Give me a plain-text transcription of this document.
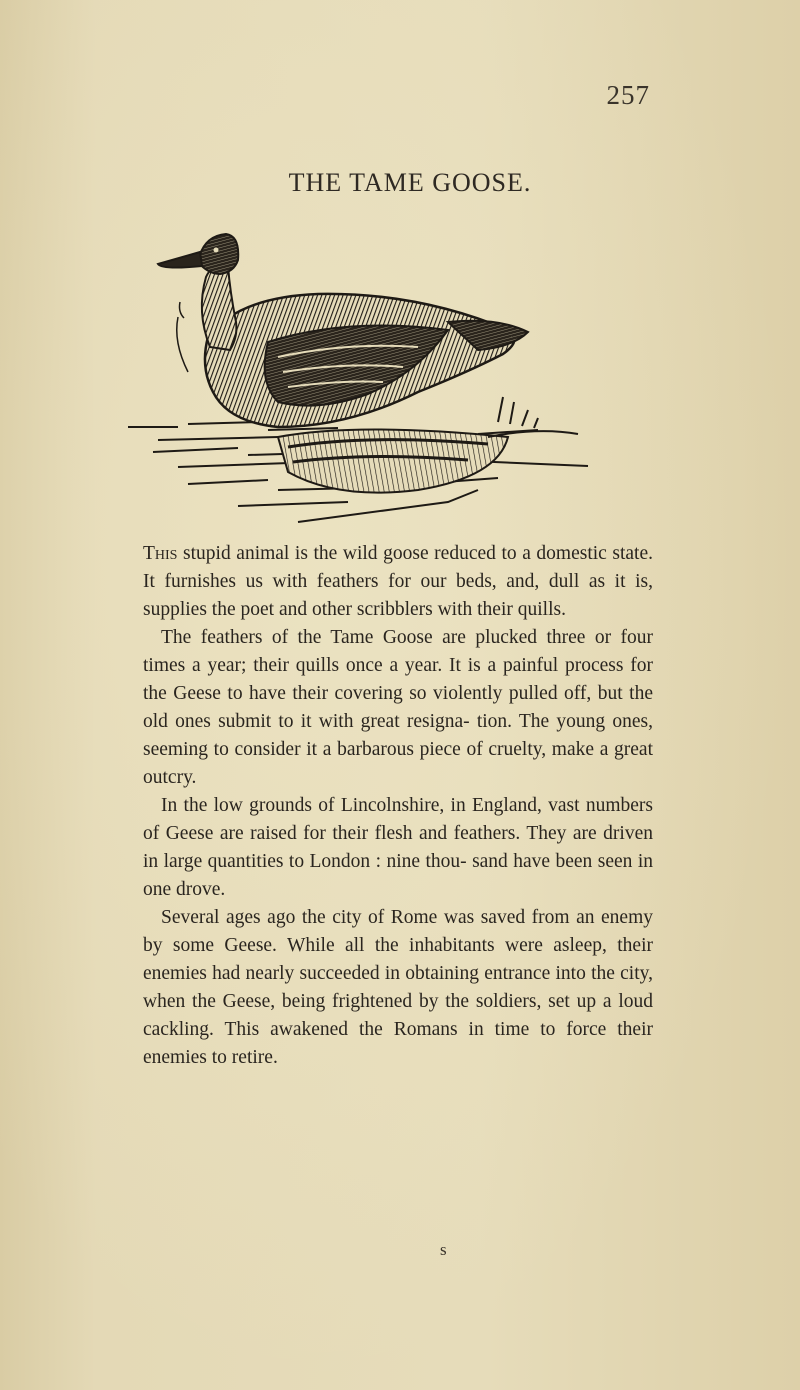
257
THE TAME GOOSE.

This stupid animal is the wild goose reduced to a domestic state. It furnishes us with feathers for our beds, and, dull as it is, supplies the poet and other scribblers with their quills.

The feathers of the Tame Goose are plucked three or four times a year; their quills once a year. It is a painful process for the Geese to have their covering so violently pulled off, but the old ones submit to it with great resigna- tion. The young ones, seeming to consider it a barbarous piece of cruelty, make a great outcry.

In the low grounds of Lincolnshire, in England, vast numbers of Geese are raised for their flesh and feathers. They are driven in large quantities to London : nine thou- sand have been seen in one drove.

Several ages ago the city of Rome was saved from an enemy by some Geese. While all the inhabitants were asleep, their enemies had nearly succeeded in obtaining entrance into the city, when the Geese, being frightened by the soldiers, set up a loud cackling. This awakened the Romans in time to force their enemies to retire.

s
